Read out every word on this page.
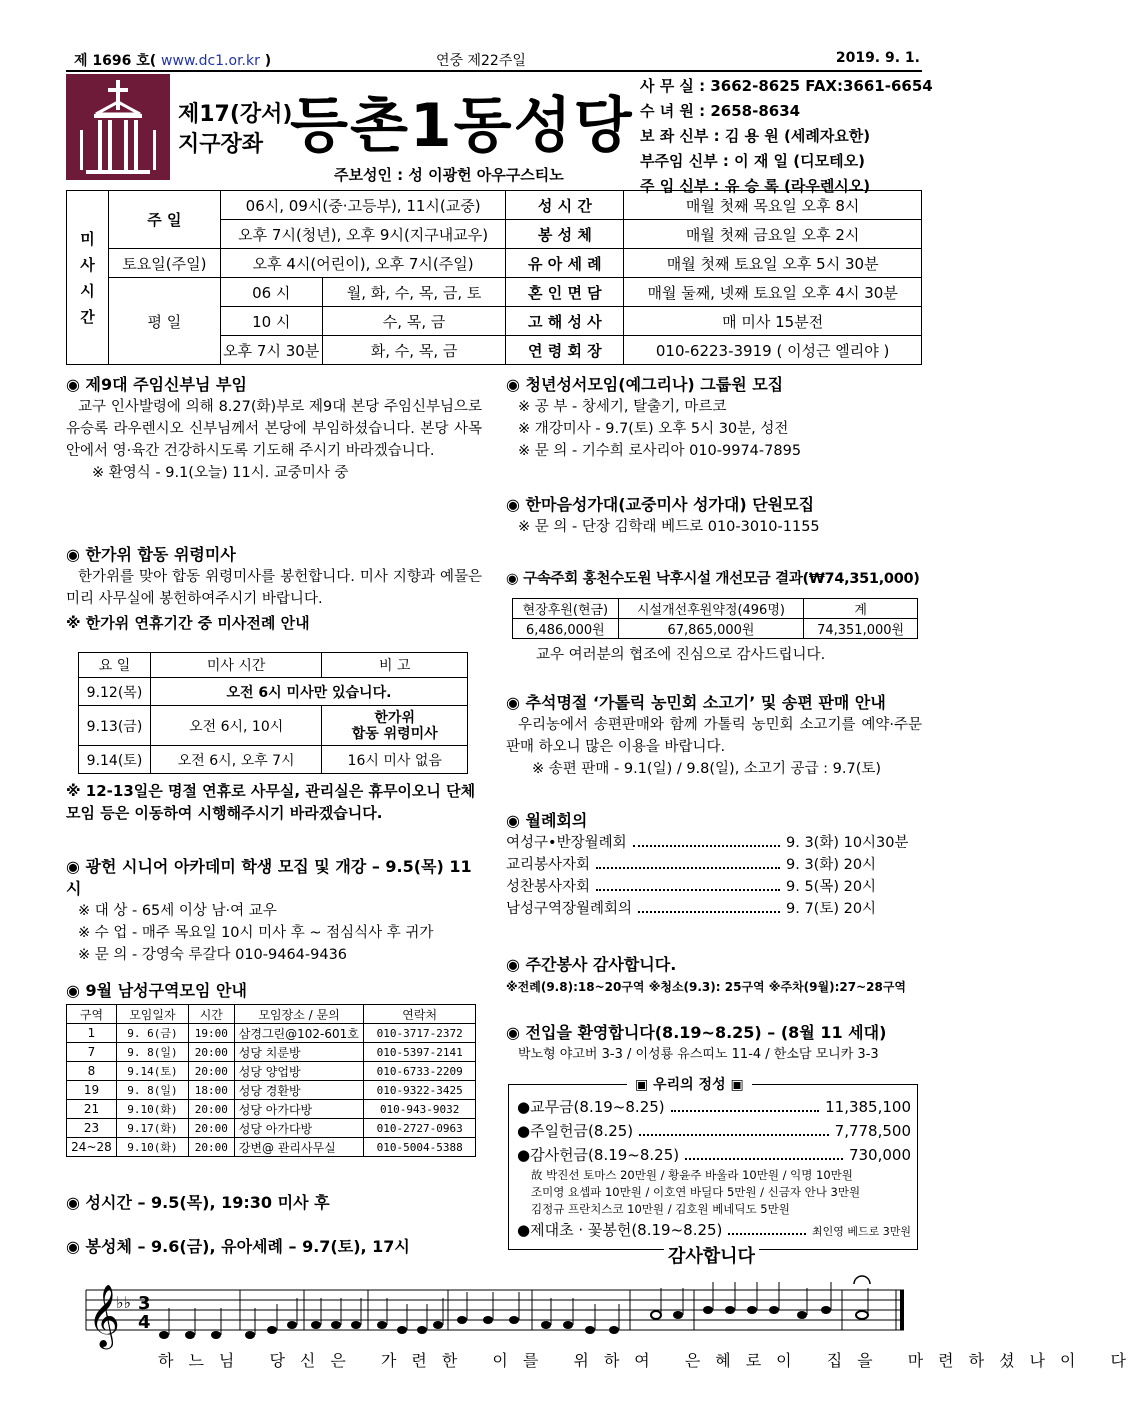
제 1696 호( www.dc1.or.kr )	연중 제22주일	2019. 9. 1.
제17(강서)
지구장좌 등촌1동성당
주보성인 : 성 이광헌 아우구스티노
사 무 실 : 3662-8625 FAX:3661-6654
수 녀 원 : 2658-8634
보 좌 신부 : 김 용 원 (세례자요한)
부주임 신부 : 이 재 일 (디모테오)
주 임 신부 : 유 승 록 (라우렌시오)
미사시간	주 일	06시, 09시(중·고등부), 11시(교중)		성 시 간	매월 첫째 목요일 오후 8시
		오후 7시(청년), 오후 9시(지구내교우)		봉 성 체	매월 첫째 금요일 오후 2시
	토요일(주일)	오후 4시(어린이), 오후 7시(주일)		유 아 세 례	매월 첫째 토요일 오후 5시 30분
	평 일	06 시	월, 화, 수, 목, 금, 토	혼 인 면 담	매월 둘째, 넷째 토요일 오후 4시 30분
		10 시	수, 목, 금	고 해 성 사	매 미사 15분전
		오후 7시 30분	화, 수, 목, 금	연 령 회 장	010-6223-3919 ( 이성근 엘리야 )
◉ 제9대 주임신부님 부임
교구 인사발령에 의해 8.27(화)부로 제9대 본당 주임신부님으로 유승록 라우렌시오 신부님께서 본당에 부임하셨습니다. 본당 사목 안에서 영·육간 건강하시도록 기도해 주시기 바라겠습니다.
※ 환영식 - 9.1(오늘) 11시. 교중미사 중
◉ 한가위 합동 위령미사
한가위를 맞아 합동 위령미사를 봉헌합니다. 미사 지향과 예물은 미리 사무실에 봉헌하여주시기 바랍니다.
※ 한가위 연휴기간 중 미사전례 안내
요 일	미사 시간	비 고
9.12(목)	오전 6시 미사만 있습니다.	
9.13(금)	오전 6시, 10시	한가위
합동 위령미사

9.14(토)	오전 6시, 오후 7시	16시 미사 없음
※ 12-13일은 명절 연휴로 사무실, 관리실은 휴무이오니 단체모임 등은 이동하여 시행해주시기 바라겠습니다.
◉ 광헌 시니어 아카데미 학생 모집 및 개강 – 9.5(목) 11시
※ 대 상 - 65세 이상 남·여 교우
※ 수 업 - 매주 목요일 10시 미사 후 ~ 점심식사 후 귀가
※ 문 의 - 강영숙 루갈다 010-9464-9436
◉ 9월 남성구역모임 안내
구역	모임일자	시간	모임장소 / 문의	연락처
1	9. 6(금)	19:00	삼경그린@102-601호	010-3717-2372
7	9. 8(일)	20:00	성당 치룬방	010-5397-2141
8	9.14(토)	20:00	성당 양업방	010-6733-2209
19	9. 8(일)	18:00	성당 경환방	010-9322-3425
21	9.10(화)	20:00	성당 아가다방	010-943-9032
23	9.17(화)	20:00	성당 아가다방	010-2727-0963
24~28	9.10(화)	20:00	강변@ 관리사무실	010-5004-5388
◉ 성시간 – 9.5(목), 19:30 미사 후
◉ 봉성체 – 9.6(금), 유아세례 – 9.7(토), 17시
◉ 청년성서모임(예그리나) 그룹원 모집
※ 공 부 - 창세기, 탈출기, 마르코
※ 개강미사 - 9.7(토) 오후 5시 30분, 성전
※ 문 의 - 기수희 로사리아 010-9974-7895
◉ 한마음성가대(교중미사 성가대) 단원모집
※ 문 의 - 단장 김학래 베드로 010-3010-1155
◉ 구속주회 홍천수도원 낙후시설 개선모금 결과(₩74,351,000)
현장후원(현금)	시설개선후원약정(496명)	계
6,486,000원	67,865,000원	74,351,000원
교우 여러분의 협조에 진심으로 감사드립니다.
◉ 추석명절 ‘가톨릭 농민회 소고기’ 및 송편 판매 안내
우리농에서 송편판매와 함께 가톨릭 농민회 소고기를 예약·주문판매 하오니 많은 이용을 바랍니다.
※ 송편 판매 - 9.1(일) / 9.8(일), 소고기 공급 : 9.7(토)
◉ 월례회의
여성구•반장월례회	9. 3(화) 10시30분
교리봉사자회	9. 3(화) 20시
성찬봉사자회	9. 5(목) 20시
남성구역장월례회의	9. 7(토) 20시
◉ 주간봉사 감사합니다.
※전례(9.8):18~20구역 ※청소(9.3): 25구역 ※주차(9월):27~28구역
◉ 전입을 환영합니다(8.19~8.25) – (8월 11 세대)
박노형 야고버 3-3 / 이성룡 유스띠노 11-4 / 한소담 모니카 3-3
▣ 우리의 정성 ▣
●교무금(8.19~8.25)	11,385,100
●주일헌금(8.25)	7,778,500
●감사헌금(8.19~8.25)	730,000
故 박진선 토마스 20만원 / 황윤주 바울라 10만원 / 익명 10만원
조미영 요셉파 10만원 / 이호연 바딜다 5만원 / 신금자 안나 3만원
김정규 프란치스코 10만원 / 김호원 베네딕도 5만원
●제대초 · 꽃봉헌(8.19~8.25)	최인영 베드로 3만원
감사합니다
𝄞
♭♭ 3
4
하느님 당신은 가련한 이를 위하여 은혜로이 집을 마련하셨나이 다
